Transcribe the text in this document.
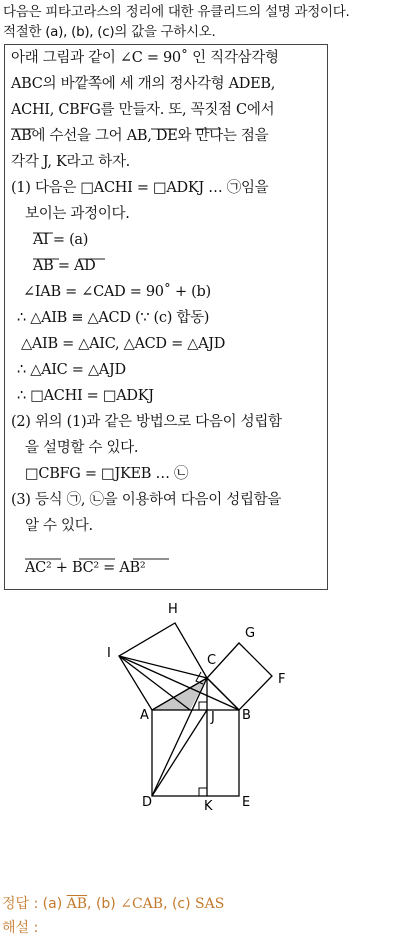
다음은 피타고라스의 정리에 대한 유클리드의 설명 과정이다.
적절한 (a), (b), (c)의 값을 구하시오.
아래 그림과 같이 ∠C = 90˚ 인 직각삼각형
ABC의 바깥쪽에 세 개의 정사각형 ADEB,
ACHI, CBFG를 만들자. 또, 꼭짓점 C에서
AB에 수선을 그어 AB, DE와 만나는 점을
각각 J, K라고 하자.
(1) 다음은 □ACHI = □ADKJ … ㉠임을
보이는 과정이다.
AI = (a)
AB = AD
∠IAB = ∠CAD = 90˚ + (b)
∴ △AIB ≡ △ACD (∵ (c) 합동)
△AIB = △AIC, △ACD = △AJD
∴ △AIC = △AJD
∴ □ACHI = □ADKJ
(2) 위의 (1)과 같은 방법으로 다음이 성립함
을 설명할 수 있다.
□CBFG = □JKEB … ㉡
(3) 등식 ㉠, ㉡을 이용하여 다음이 성립함을
알 수 있다.
AC² + BC² = AB²
H
G
I	C
F
A	J B
D	K E
정답 : (a) $\overline{AB}$, (b) ∠CAB, (c) SAS
해설 :
